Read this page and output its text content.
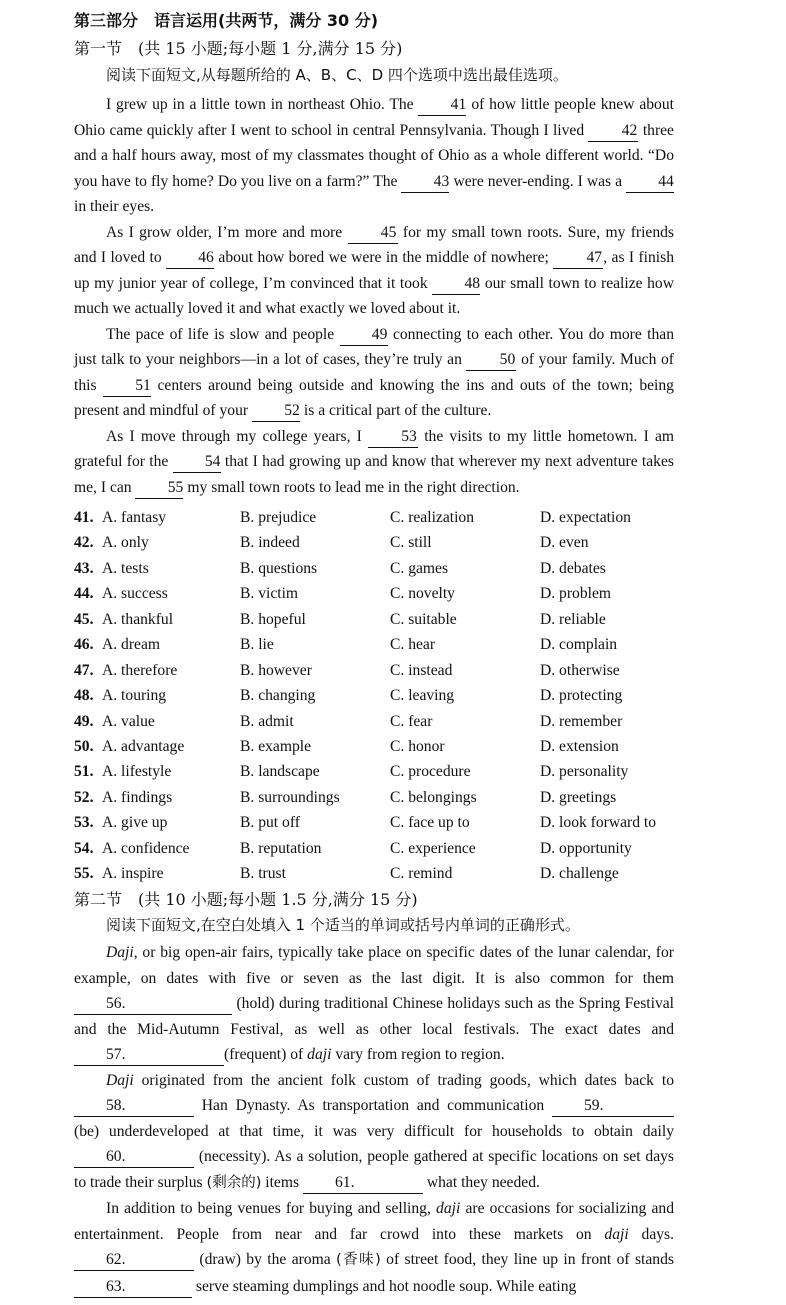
第三部分　语言运用(共两节，满分 30 分)
第一节　(共 15 小题;每小题 1 分,满分 15 分)
阅读下面短文,从每题所给的 A、B、C、D 四个选项中选出最佳选项。

I grew up in a little town in northeast Ohio. The 41 of how little people knew about Ohio came quickly after I went to school in central Pennsylvania. Though I lived 42 three and a half hours away, most of my classmates thought of Ohio as a whole different world. “Do you have to fly home? Do you live on a farm?” The 43 were never-ending. I was a 44 in their eyes.

As I grow older, I’m more and more 45 for my small town roots. Sure, my friends and I loved to 46 about how bored we were in the middle of nowhere; 47, as I finish up my junior year of college, I’m convinced that it took 48 our small town to realize how much we actually loved it and what exactly we loved about it.

The pace of life is slow and people 49 connecting to each other. You do more than just talk to your neighbors—in a lot of cases, they’re truly an 50 of your family. Much of this 51 centers around being outside and knowing the ins and outs of the town; being present and mindful of your 52 is a critical part of the culture.

As I move through my college years, I	53 the visits to my little hometown. I am grateful for the 54 that I had growing up and know that wherever my next adventure takes me, I can 55 my small town roots to lead me in the right direction.

41. A. fantasy	B. prejudice	C. realization	D. expectation
42. A. only	B. indeed	C. still	D. even
43. A. tests	B. questions	C. games	D. debates
44. A. success	B. victim	C. novelty	D. problem
45. A. thankful	B. hopeful	C. suitable	D. reliable
46. A. dream	B. lie	C. hear	D. complain
47. A. therefore	B. however	C. instead	D. otherwise
48. A. touring	B. changing	C. leaving	D. protecting
49. A. value	B. admit	C. fear	D. remember
50. A. advantage	B. example	C. honor	D. extension
51. A. lifestyle	B. landscape	C. procedure	D. personality
52. A. findings	B. surroundings	C. belongings	D. greetings
53. A. give up	B. put off	C. face up to	D. look forward to
54. A. confidence	B. reputation	C. experience	D. opportunity
55. A. inspire	B. trust	C. remind	D. challenge
第二节　(共 10 小题;每小题 1.5 分,满分 15 分)
阅读下面短文,在空白处填入 1 个适当的单词或括号内单词的正确形式。

Daji, or big open-air fairs, typically take place on specific dates of the lunar calendar, for example, on dates with five or seven as the last digit. It is also common for them 56.	(hold) during traditional Chinese holidays such as the Spring Festival and the Mid-Autumn Festival, as well as other local festivals. The exact dates and 57.	(frequent) of daji vary from region to region.

Daji originated from the ancient folk custom of trading goods, which dates back to 58.	Han Dynasty. As transportation and communication	59. (be) underdeveloped at that time, it was very difficult for households to obtain daily 60.	(necessity). As a solution, people gathered at specific locations on set days to trade their surplus (剩余的) items 61.	what they needed.

In addition to being venues for buying and selling, daji are occasions for socializing and entertainment. People from near and far crowd into these markets on daji days. 62.	(draw) by the aroma (香味) of street food, they line up in front of stands 63.	serve steaming dumplings and hot noodle soup. While eating
